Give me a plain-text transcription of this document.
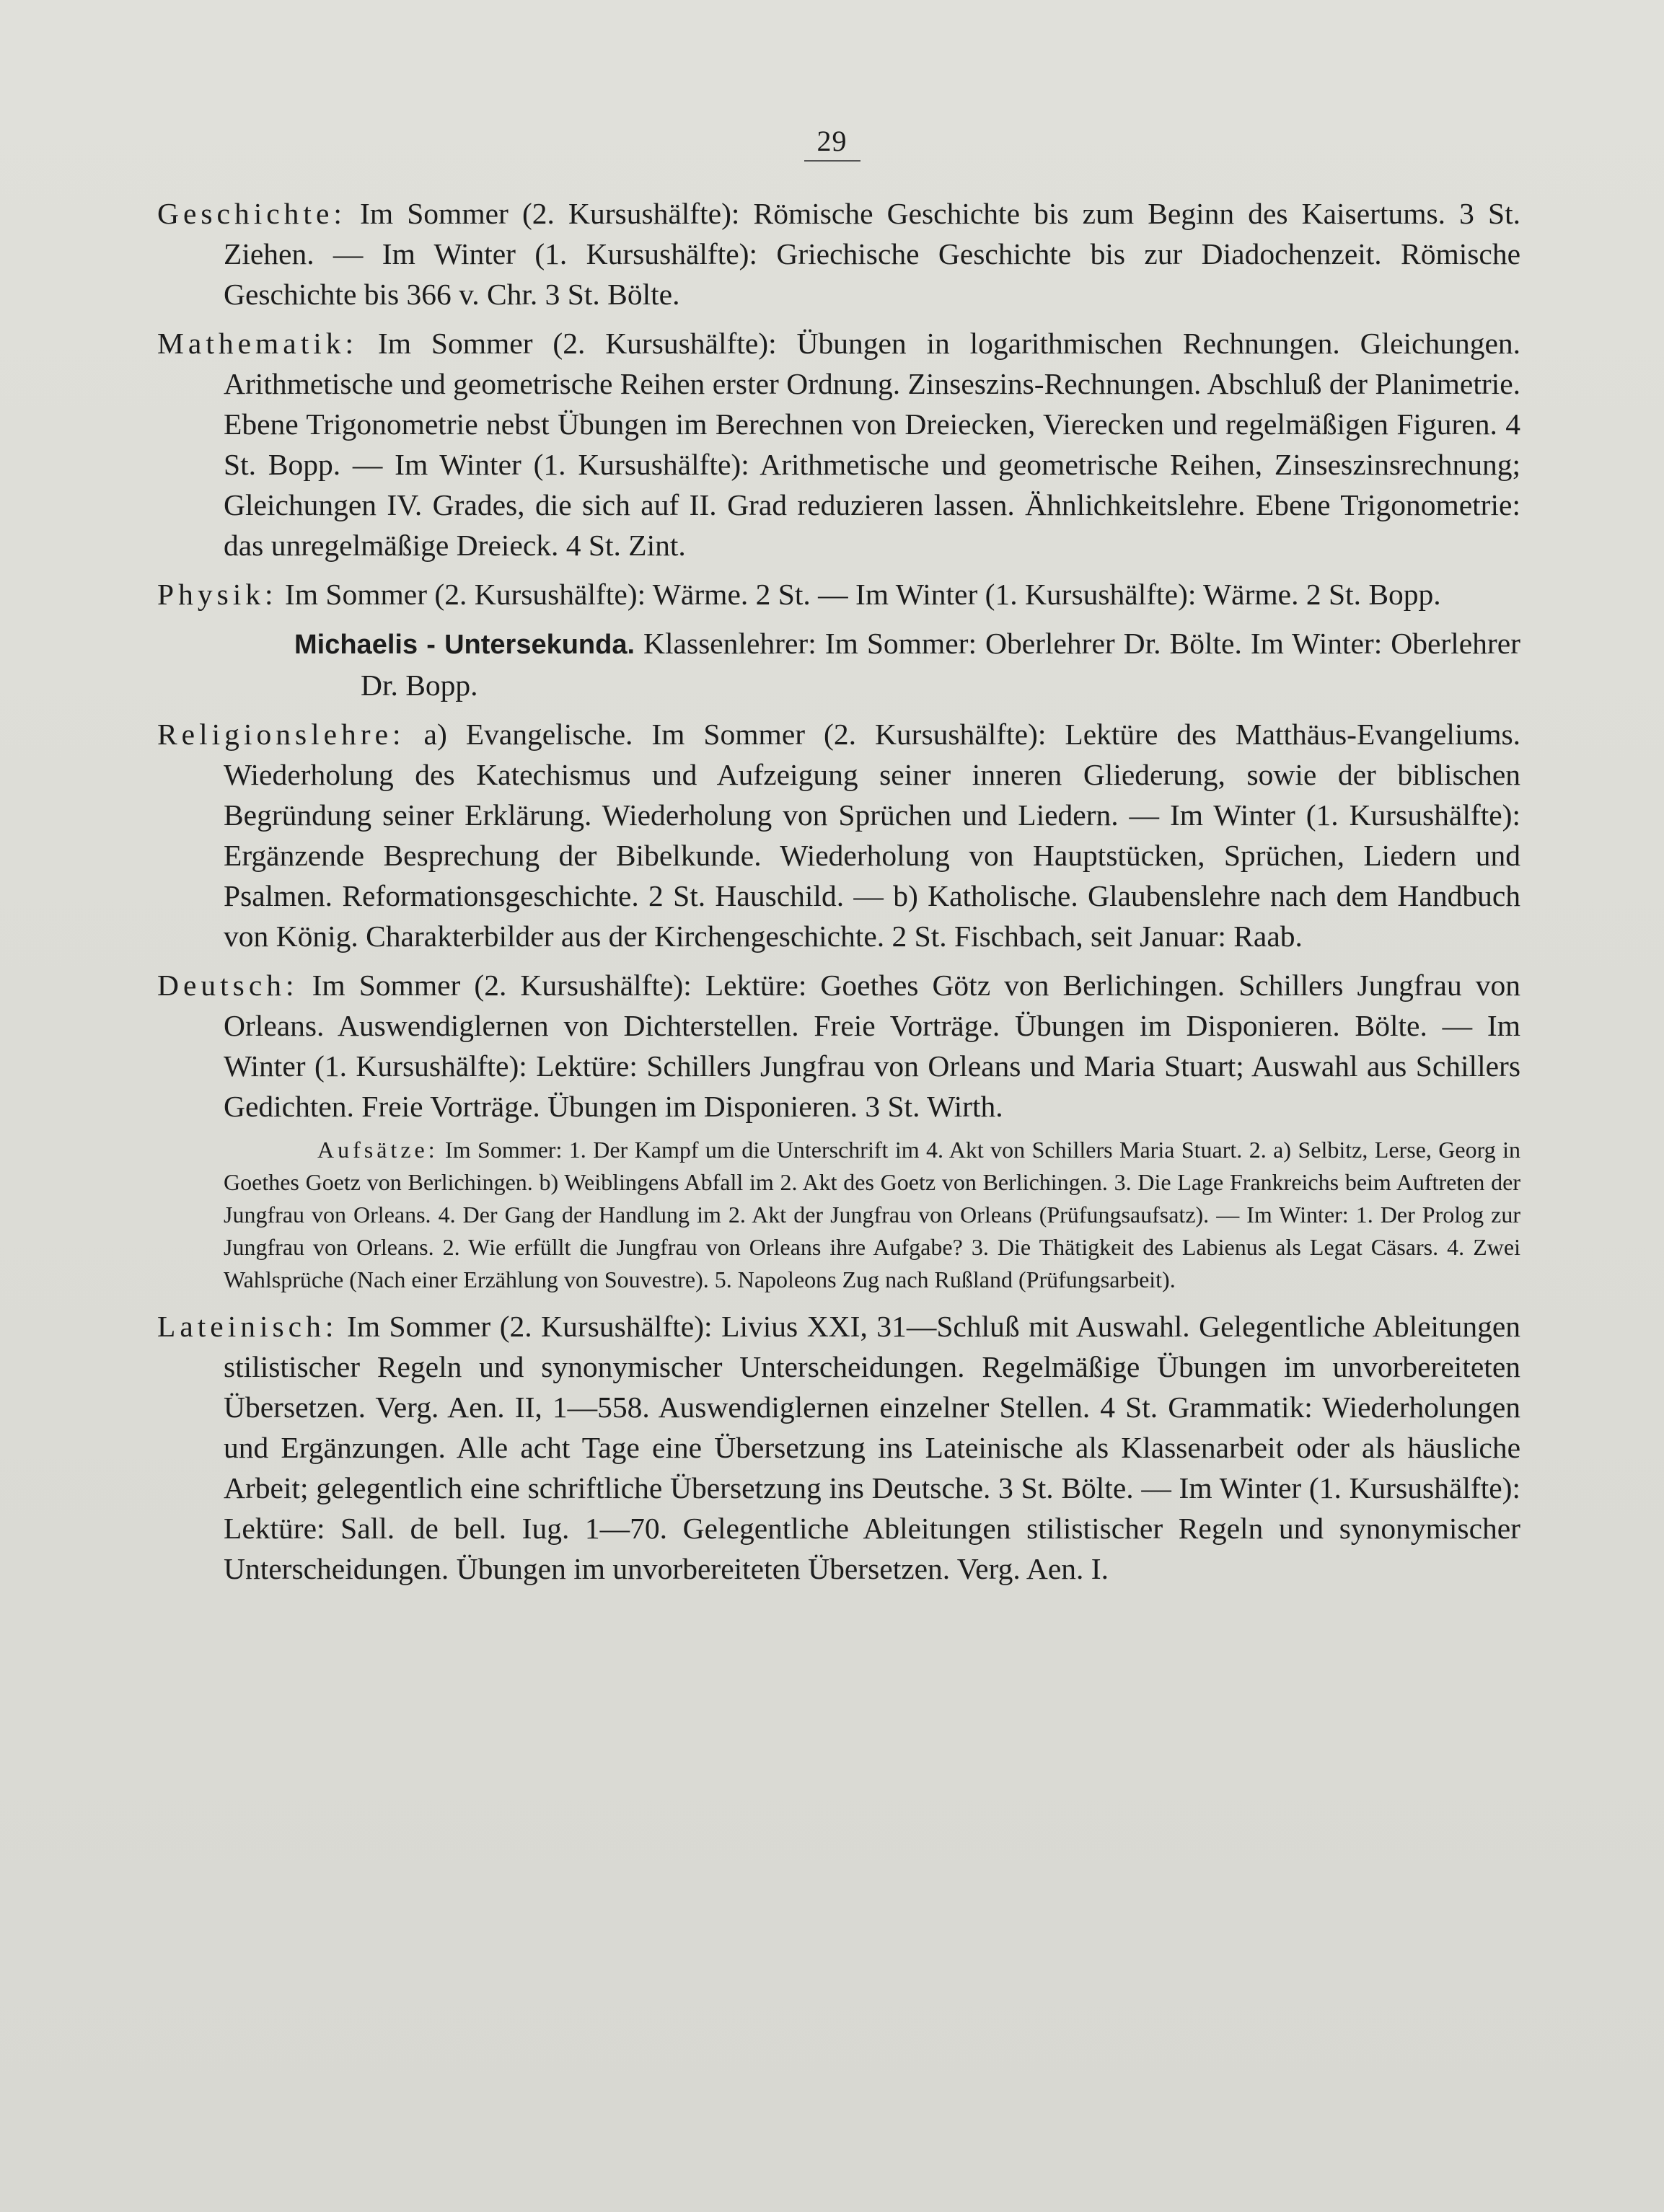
29

Geschichte: Im Sommer (2. Kursushälfte): Römische Geschichte bis zum Beginn des Kaisertums. 3 St. Ziehen. — Im Winter (1. Kursushälfte): Griechische Geschichte bis zur Diadochenzeit. Römische Geschichte bis 366 v. Chr. 3 St. Bölte.

Mathematik: Im Sommer (2. Kursushälfte): Übungen in logarithmischen Rechnungen. Gleichungen. Arithmetische und geometrische Reihen erster Ordnung. Zinseszins-Rechnungen. Abschluß der Planimetrie. Ebene Trigonometrie nebst Übungen im Berechnen von Dreiecken, Vierecken und regelmäßigen Figuren. 4 St. Bopp. — Im Winter (1. Kursushälfte): Arithmetische und geometrische Reihen, Zinseszinsrechnung; Gleichungen IV. Grades, die sich auf II. Grad reduzieren lassen. Ähnlichkeitslehre. Ebene Trigonometrie: das unregelmäßige Dreieck. 4 St. Zint.

Physik: Im Sommer (2. Kursushälfte): Wärme. 2 St. — Im Winter (1. Kursushälfte): Wärme. 2 St. Bopp.

Michaelis - Untersekunda. Klassenlehrer: Im Sommer: Oberlehrer Dr. Bölte. Im Winter: Oberlehrer Dr. Bopp.

Religionslehre: a) Evangelische. Im Sommer (2. Kursushälfte): Lektüre des Matthäus-Evangeliums. Wiederholung des Katechismus und Aufzeigung seiner inneren Gliederung, sowie der biblischen Begründung seiner Erklärung. Wiederholung von Sprüchen und Liedern. — Im Winter (1. Kursushälfte): Ergänzende Besprechung der Bibelkunde. Wiederholung von Hauptstücken, Sprüchen, Liedern und Psalmen. Reformationsgeschichte. 2 St. Hauschild. — b) Katholische. Glaubenslehre nach dem Handbuch von König. Charakterbilder aus der Kirchengeschichte. 2 St. Fischbach, seit Januar: Raab.

Deutsch: Im Sommer (2. Kursushälfte): Lektüre: Goethes Götz von Berlichingen. Schillers Jungfrau von Orleans. Auswendiglernen von Dichterstellen. Freie Vorträge. Übungen im Disponieren. Bölte. — Im Winter (1. Kursushälfte): Lektüre: Schillers Jungfrau von Orleans und Maria Stuart; Auswahl aus Schillers Gedichten. Freie Vorträge. Übungen im Disponieren. 3 St. Wirth.

Aufsätze: Im Sommer: 1. Der Kampf um die Unterschrift im 4. Akt von Schillers Maria Stuart. 2. a) Selbitz, Lerse, Georg in Goethes Goetz von Berlichingen. b) Weiblingens Abfall im 2. Akt des Goetz von Berlichingen. 3. Die Lage Frankreichs beim Auftreten der Jungfrau von Orleans. 4. Der Gang der Handlung im 2. Akt der Jungfrau von Orleans (Prüfungsaufsatz). — Im Winter: 1. Der Prolog zur Jungfrau von Orleans. 2. Wie erfüllt die Jungfrau von Orleans ihre Aufgabe? 3. Die Thätigkeit des Labienus als Legat Cäsars. 4. Zwei Wahlsprüche (Nach einer Erzählung von Souvestre). 5. Napoleons Zug nach Rußland (Prüfungsarbeit).

Lateinisch: Im Sommer (2. Kursushälfte): Livius XXI, 31—Schluß mit Auswahl. Gelegentliche Ableitungen stilistischer Regeln und synonymischer Unterscheidungen. Regelmäßige Übungen im unvorbereiteten Übersetzen. Verg. Aen. II, 1—558. Auswendiglernen einzelner Stellen. 4 St. Grammatik: Wiederholungen und Ergänzungen. Alle acht Tage eine Übersetzung ins Lateinische als Klassenarbeit oder als häusliche Arbeit; gelegentlich eine schriftliche Übersetzung ins Deutsche. 3 St. Bölte. — Im Winter (1. Kursushälfte): Lektüre: Sall. de bell. Iug. 1—70. Gelegentliche Ableitungen stilistischer Regeln und synonymischer Unterscheidungen. Übungen im unvorbereiteten Übersetzen. Verg. Aen. I.
